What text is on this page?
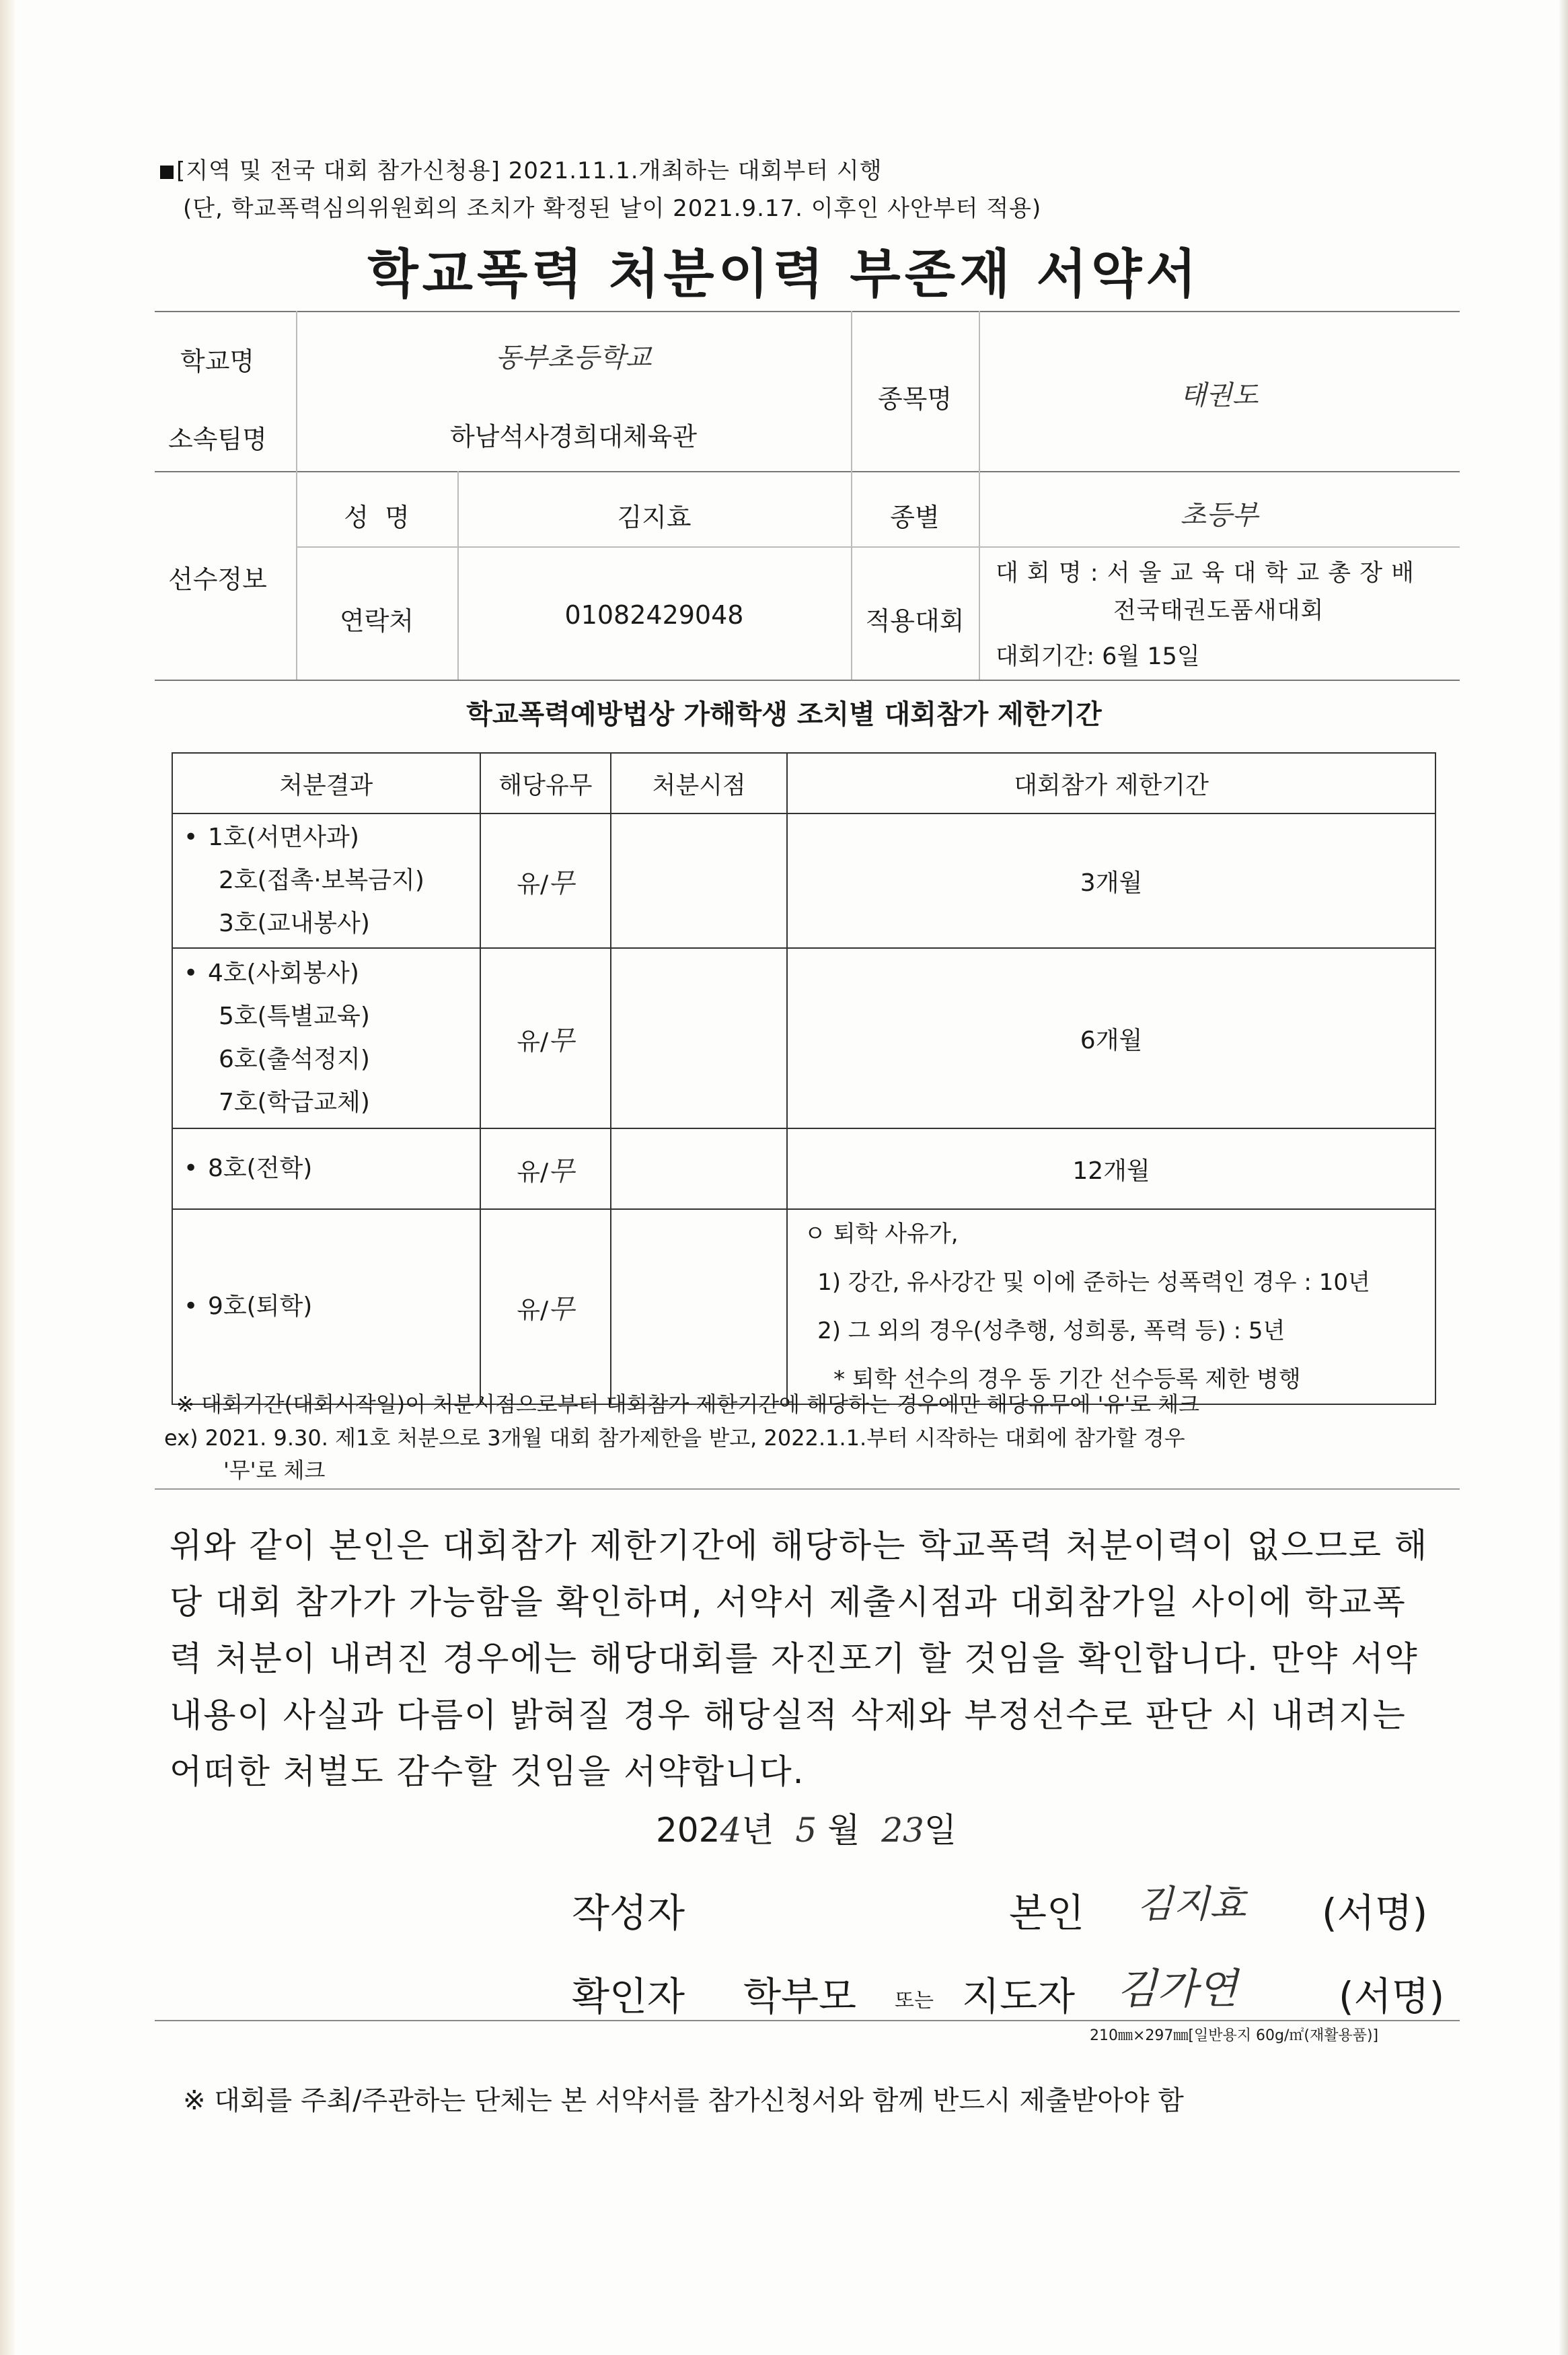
[지역 및 전국 대회 참가신청용] 2021.11.1.개최하는 대회부터 시행
(단, 학교폭력심의위원회의 조치가 확정된 날이 2021.9.17. 이후인 사안부터 적용)
학교폭력 처분이력 부존재 서약서
학교명	동부초등학교
소속팀명	하남석사경희대체육관
종목명	태권도
선수정보
성  명	김지효	종별	초등부
연락처	01082429048	적용대회
대 회 명 : 서 울 교 육 대 학 교 총 장 배
전국태권도품새대회
대회기간: 6월 15일
학교폭력예방법상 가해학생 조치별 대회참가 제한기간
처분결과	해당유무	처분시점	대회참가 제한기간

• 1호(서면사과)
2호(접촉·보복금지)
3호(교내봉사)	유/무		3개월

• 4호(사회봉사)
5호(특별교육)
6호(출석정지)
7호(학급교체)	유/무		6개월

• 8호(전학)	유/무		12개월

• 9호(퇴학)	유/무		ㅇ 퇴학 사유가,
1) 강간, 유사강간 및 이에 준하는 성폭력인 경우 : 10년
2) 그 외의 경우(성추행, 성희롱, 폭력 등) : 5년
* 퇴학 선수의 경우 동 기간 선수등록 제한 병행
※ 대회기간(대회시작일)이 처분시점으로부터 대회참가 제한기간에 해당하는 경우에만 해당유무에 '유'로 체크
ex) 2021. 9.30. 제1호 처분으로 3개월 대회 참가제한을 받고, 2022.1.1.부터 시작하는 대회에 참가할 경우
'무'로 체크
위와 같이 본인은 대회참가 제한기간에 해당하는 학교폭력 처분이력이 없으므로 해당 대회 참가가 가능함을 확인하며, 서약서 제출시점과 대회참가일 사이에 학교폭력 처분이 내려진 경우에는 해당대회를 자진포기 할 것임을 확인합니다. 만약 서약내용이 사실과 다름이 밝혀질 경우 해당실적 삭제와 부정선수로 판단 시 내려지는 어떠한 처벌도 감수할 것임을 서약합니다.
2024년 5 월 23일
작성자	본인 김지효 (서명)
확인자 학부모 또는 지도자 김가연	(서명)
210㎜×297㎜[일반용지 60g/㎡(재활용품)]
※ 대회를 주최/주관하는 단체는 본 서약서를 참가신청서와 함께 반드시 제출받아야 함
